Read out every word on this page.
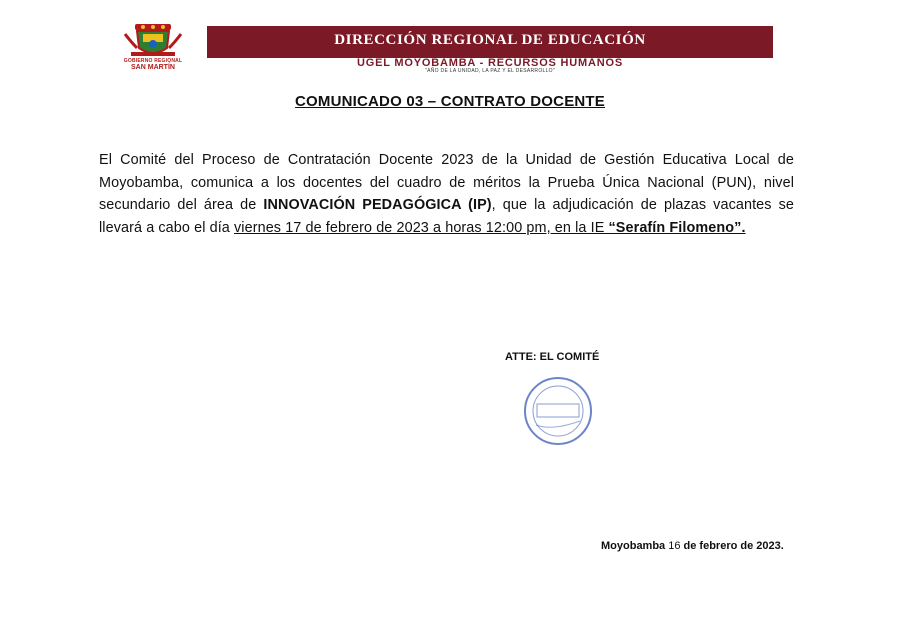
GOBIERNO REGIONAL
SAN MARTÍN
DIRECCIÓN REGIONAL DE EDUCACIÓN
UGEL MOYOBAMBA - RECURSOS HUMANOS
"AÑO DE LA UNIDAD, LA PAZ Y EL DESARROLLO"
COMUNICADO 03 – CONTRATO DOCENTE
El Comité del Proceso de Contratación Docente 2023 de la Unidad de Gestión Educativa Local de Moyobamba, comunica a los docentes del cuadro de méritos la Prueba Única Nacional (PUN), nivel secundario del área de INNOVACIÓN PEDAGÓGICA (IP), que la adjudicación de plazas vacantes se llevará a cabo el día viernes 17 de febrero de 2023 a horas 12:00 pm, en la IE “Serafín Filomeno”.
ATTE: EL COMITÉ
Moyobamba 16 de febrero de 2023.
